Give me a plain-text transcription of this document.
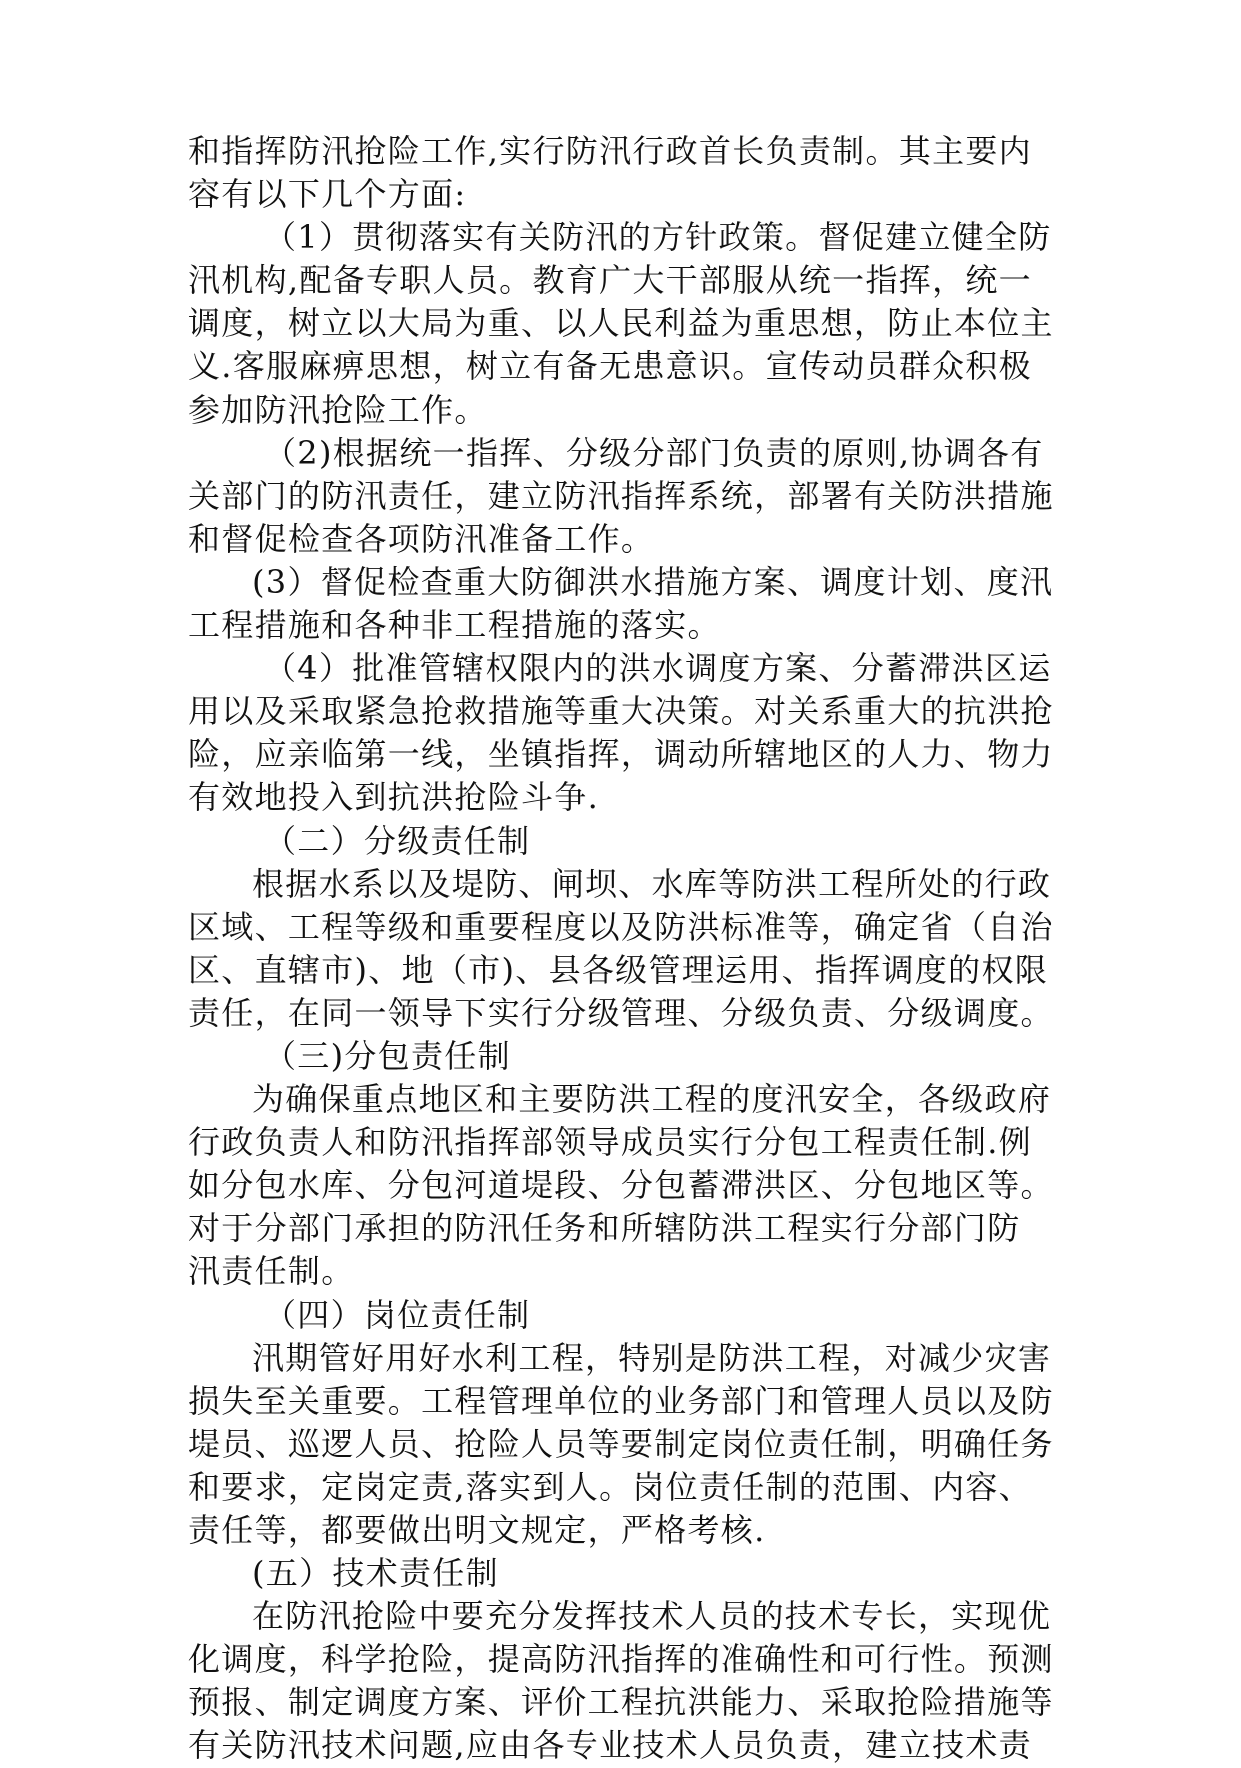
和指挥防汛抢险工作,实行防汛行政首长负责制。其主要内
容有以下几个方面:
（1）贯彻落实有关防汛的方针政策。督促建立健全防
汛机构,配备专职人员。教育广大干部服从统一指挥，统一
调度，树立以大局为重、以人民利益为重思想，防止本位主
义.客服麻痹思想，树立有备无患意识。宣传动员群众积极
参加防汛抢险工作。
（2)根据统一指挥、分级分部门负责的原则,协调各有
关部门的防汛责任，建立防汛指挥系统，部署有关防洪措施
和督促检查各项防汛准备工作。
(3）督促检查重大防御洪水措施方案、调度计划、度汛
工程措施和各种非工程措施的落实。
（4）批准管辖权限内的洪水调度方案、分蓄滞洪区运
用以及采取紧急抢救措施等重大决策。对关系重大的抗洪抢
险，应亲临第一线，坐镇指挥，调动所辖地区的人力、物力
有效地投入到抗洪抢险斗争.
（二）分级责任制
根据水系以及堤防、闸坝、水库等防洪工程所处的行政
区域、工程等级和重要程度以及防洪标准等，确定省（自治
区、直辖市)、地（市)、县各级管理运用、指挥调度的权限
责任，在同一领导下实行分级管理、分级负责、分级调度。
（三)分包责任制
为确保重点地区和主要防洪工程的度汛安全，各级政府
行政负责人和防汛指挥部领导成员实行分包工程责任制.例
如分包水库、分包河道堤段、分包蓄滞洪区、分包地区等。
对于分部门承担的防汛任务和所辖防洪工程实行分部门防
汛责任制。
（四）岗位责任制
汛期管好用好水利工程，特别是防洪工程，对减少灾害
损失至关重要。工程管理单位的业务部门和管理人员以及防
堤员、巡逻人员、抢险人员等要制定岗位责任制，明确任务
和要求，定岗定责,落实到人。岗位责任制的范围、内容、
责任等，都要做出明文规定，严格考核.
(五）技术责任制
在防汛抢险中要充分发挥技术人员的技术专长，实现优
化调度，科学抢险，提高防汛指挥的准确性和可行性。预测
预报、制定调度方案、评价工程抗洪能力、采取抢险措施等
有关防汛技术问题,应由各专业技术人员负责，建立技术责
